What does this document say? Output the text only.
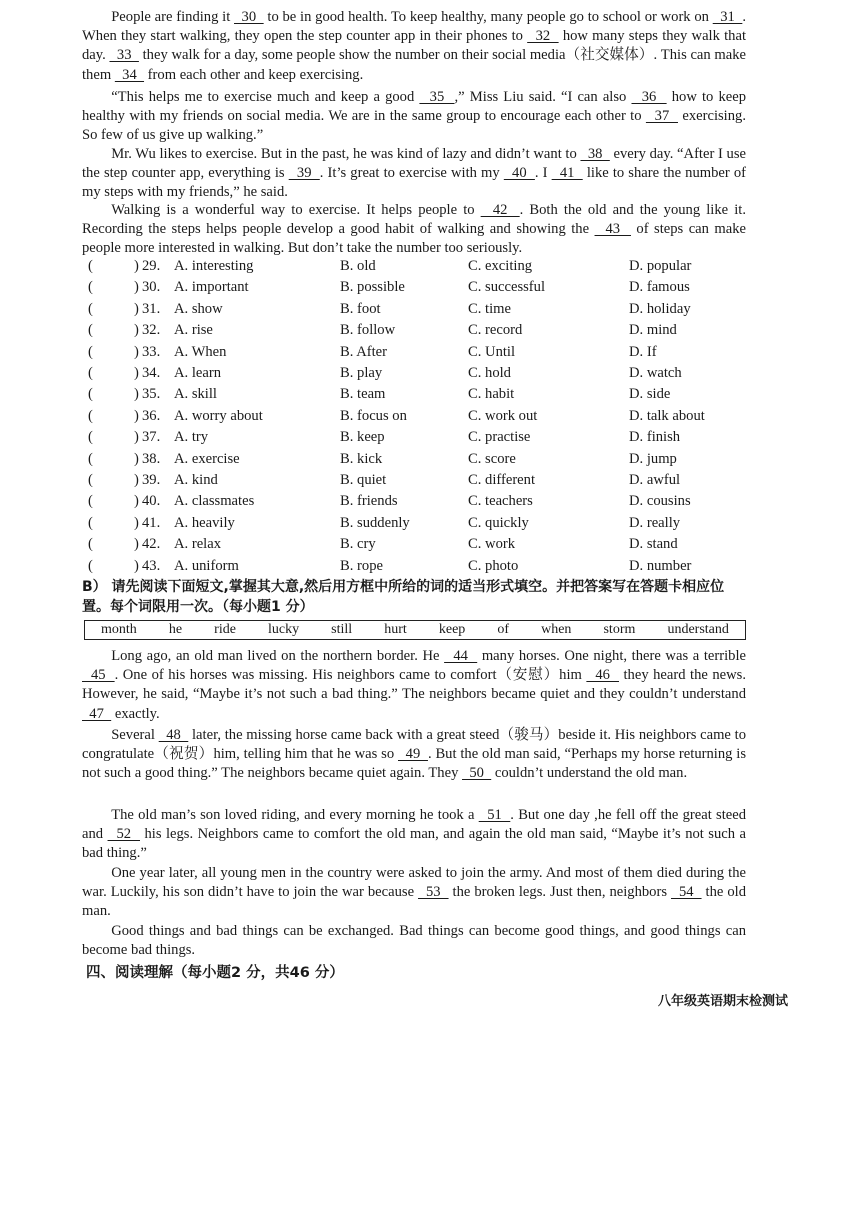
People are finding it   30   to be in good health. To keep healthy, many people go to school or work on   31  . When they start walking, they open the step counter app in their phones to   32   how many steps they walk that day.   33   they walk for a day, some people show the number on their social media（社交媒体）. This can make them   34   from each other and keep exercising.
“This helps me to exercise much and keep a good   35  ,” Miss Liu said. “I can also   36   how to keep healthy with my friends on social media. We are in the same group to encourage each other to   37   exercising. So few of us give up walking.”
Mr. Wu likes to exercise. But in the past, he was kind of lazy and didn’t want to   38   every day. “After I use the step counter app, everything is   39  . It’s great to exercise with my   40  . I   41   like to share the number of my steps with my friends,” he said.
Walking is a wonderful way to exercise. It helps people to   42  . Both the old and the young like it. Recording the steps helps people develop a good habit of walking and showing the   43   of steps can make people more interested in walking. But don’t take the number too seriously.
(	) 29. A. interesting	B. old	C. exciting	D. popular
(	) 30. A. important	B. possible	C. successful	D. famous
(	) 31. A. show	B. foot	C. time	D. holiday
(	) 32. A. rise	B. follow	C. record	D. mind
(	) 33. A. When	B. After	C. Until	D. If
(	) 34. A. learn	B. play	C. hold	D. watch
(	) 35. A. skill	B. team	C. habit	D. side
(	) 36. A. worry about	B. focus on	C. work out	D. talk about
(	) 37. A. try	B. keep	C. practise	D. finish
(	) 38. A. exercise	B. kick	C. score	D. jump
(	) 39. A. kind	B. quiet	C. different	D. awful
(	) 40. A. classmates	B. friends	C. teachers	D. cousins
(	) 41. A. heavily	B. suddenly	C. quickly	D. really
(	) 42. A. relax	B. cry	C. work	D. stand
(	) 43. A. uniform	B. rope	C. photo	D. number
B） 请先阅读下面短文,掌握其大意,然后用方框中所给的词的适当形式填空。并把答案写在答题卡相应位置。每个词限用一次。（每小题1 分）
month he ride lucky still hurt keep of when storm understand
Long ago, an old man lived on the northern border. He   44   many horses. One night, there was a terrible   45  . One of his horses was missing. His neighbors came to comfort（安慰）him   46   they heard the news. However, he said, “Maybe it’s not such a bad thing.” The neighbors became quiet and they couldn’t understand   47   exactly.
Several   48   later, the missing horse came back with a great steed（骏马）beside it. His neighbors came to congratulate（祝贺）him, telling him that he was so   49  . But the old man said, “Perhaps my horse returning is not such a good thing.” The neighbors became quiet again. They   50   couldn’t understand the old man.
The old man’s son loved riding, and every morning he took a   51  . But one day ,he fell off the great steed and   52   his legs. Neighbors came to comfort the old man, and again the old man said, “Maybe it’s not such a bad thing.”
One year later, all young men in the country were asked to join the army. And most of them died during the war. Luckily, his son didn’t have to join the war because   53   the broken legs. Just then, neighbors   54   the old man.
Good things and bad things can be exchanged. Bad things can become good things, and good things can become bad things.
四、阅读理解（每小题2 分，共46 分）
八年级英语期末检测试
